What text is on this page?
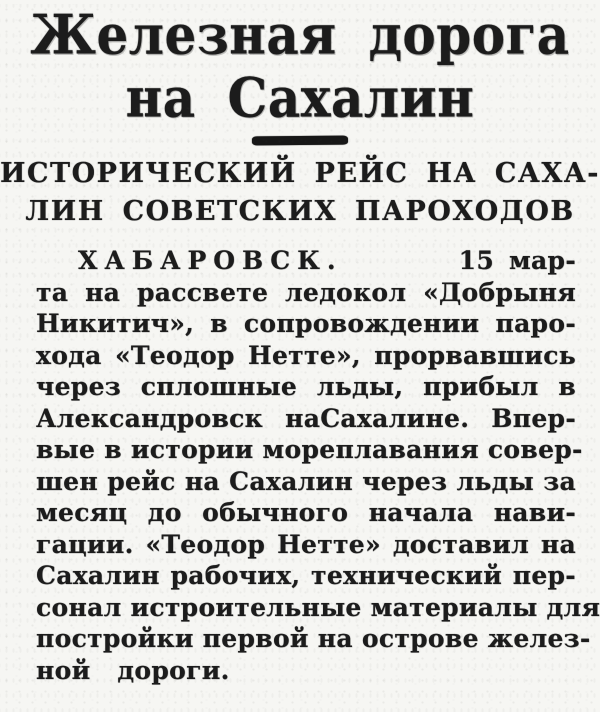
Железная дорога
на Сахалин
ИСТОРИЧЕСКИЙ РЕЙС НА САХА-
ЛИН СОВЕТСКИХ ПАРОХОДОВ
ХАБАРОВСК.	15 мар-
та на рассвете ледокол «Добрыня
Никитич», в сопровождении паро-
хода «Теодор Нетте», прорвавшись
через сплошные льды, прибыл в
Александровск наСахалине. Впер-
вые в истории мореплавания совер-
шен рейс на Сахалин через льды за
месяц до обычного начала нави-
гации. «Теодор Нетте» доставил на
Сахалин рабочих, технический пер-
сонал истроительные материалы для
постройки первой на острове желез-
ной дороги.
